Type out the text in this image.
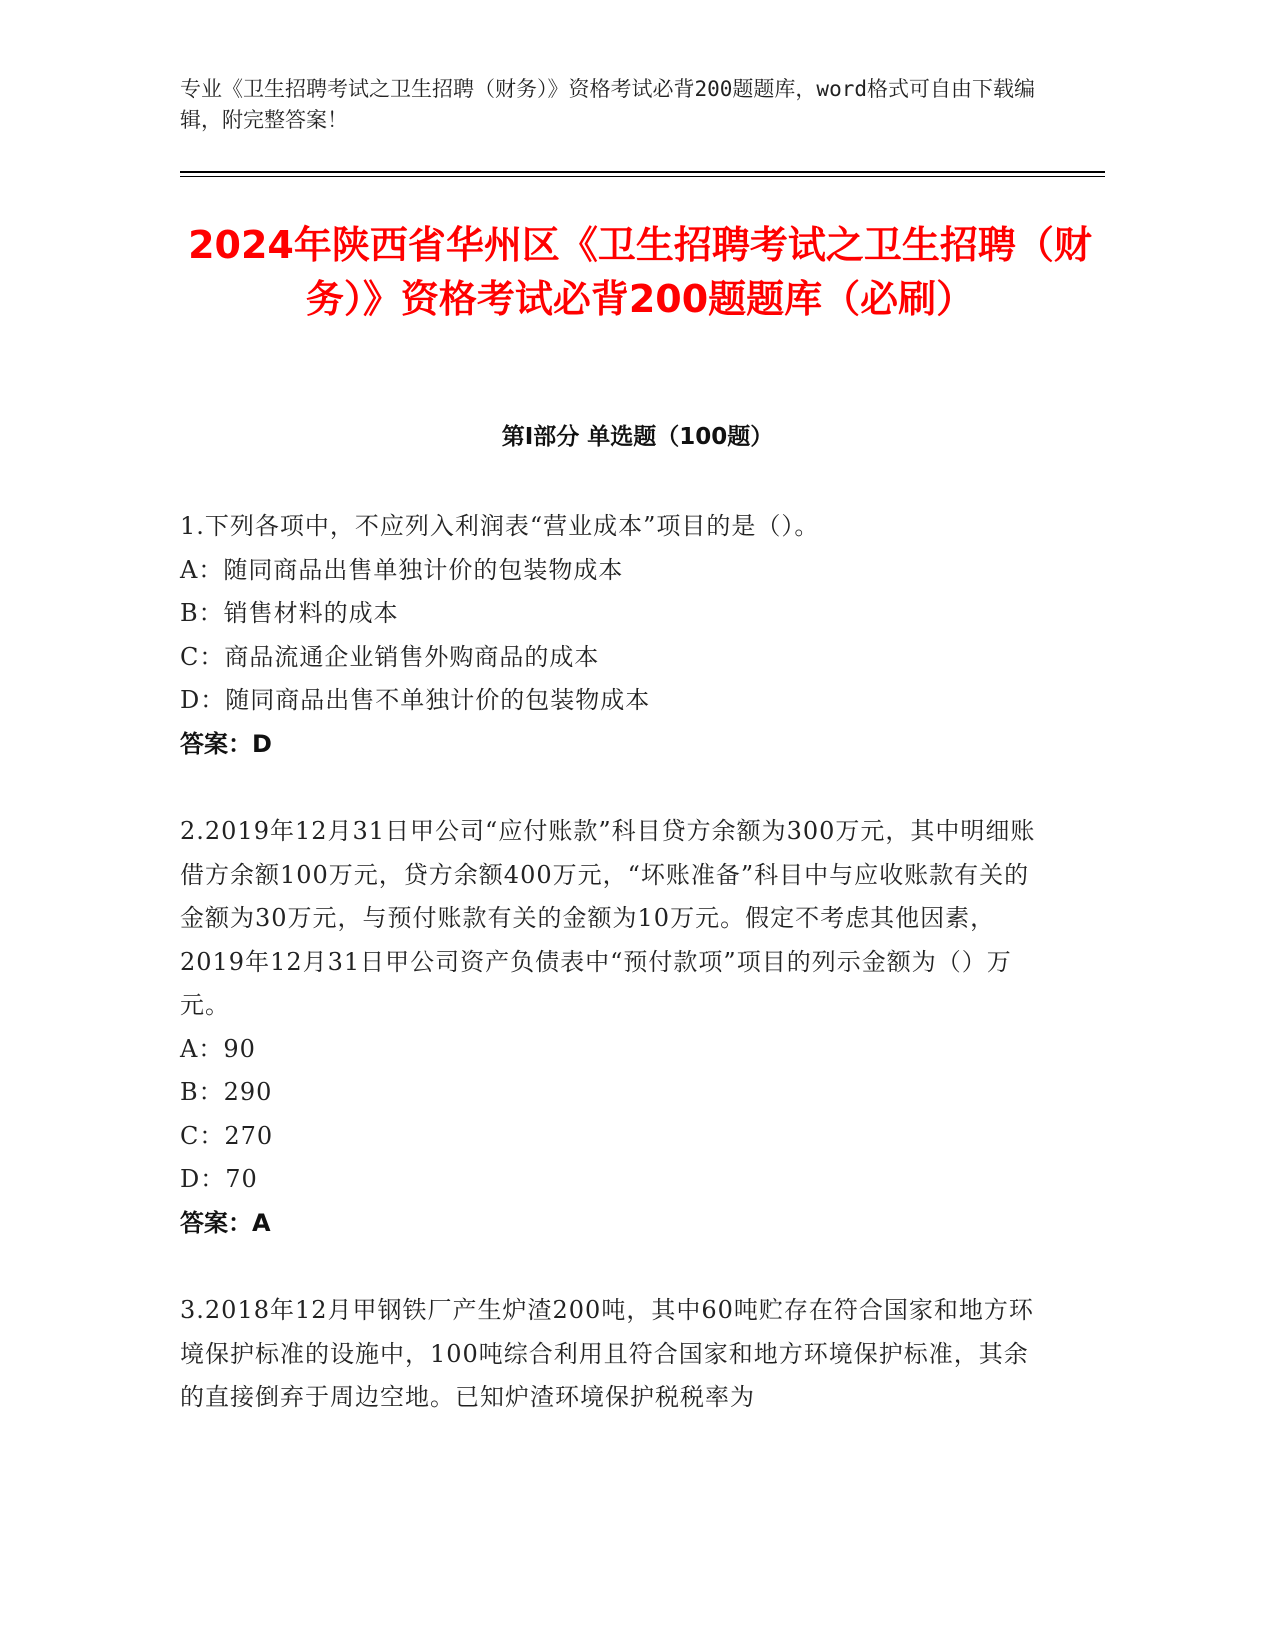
专业《卫生招聘考试之卫生招聘（财务）》资格考试必背200题题库，word格式可自由下载编辑，附完整答案！

2024年陕西省华州区《卫生招聘考试之卫生招聘（财务）》资格考试必背200题题库（必刷）
第I部分 单选题（100题）

1.下列各项中，不应列入利润表“营业成本”项目的是（）。

A：随同商品出售单独计价的包装物成本

B：销售材料的成本

C：商品流通企业销售外购商品的成本

D：随同商品出售不单独计价的包装物成本

答案：D

2.2019年12月31日甲公司“应付账款”科目贷方余额为300万元，其中明细账借方余额100万元，贷方余额400万元，“坏账准备”科目中与应收账款有关的金额为30万元，与预付账款有关的金额为10万元。假定不考虑其他因素，2019年12月31日甲公司资产负债表中“预付款项”项目的列示金额为（）万元。

A：90

B：290

C：270

D：70

答案：A

3.2018年12月甲钢铁厂产生炉渣200吨，其中60吨贮存在符合国家和地方环境保护标准的设施中，100吨综合利用且符合国家和地方环境保护标准，其余的直接倒弃于周边空地。已知炉渣环境保护税税率为
